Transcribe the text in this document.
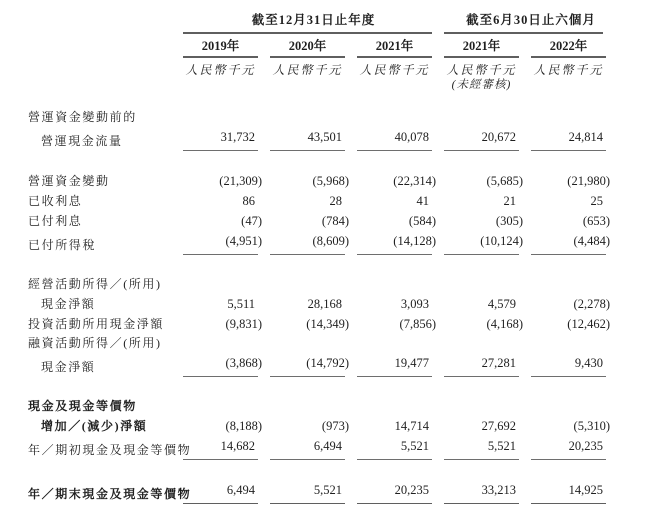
截至12月31日止年度	截至6月30日止六個月
2019年	2020年	2021年	2021年	2022年
人民幣千元 人民幣千元 人民幣千元 人民幣千元 人民幣千元
(未經審核)
營運資金變動前的
營運現金流量	31,732	43,501	40,078	20,672	24,814
營運資金變動	(21,309)	(5,968)	(22,314)	(5,685)	(21,980)
已收利息	86	28	41	21	25
已付利息	(47)	(784)	(584)	(305)	(653)
已付所得稅	(4,951)	(8,609)	(14,128)	(10,124)	(4,484)
經營活動所得／(所用)
現金淨額	5,511	28,168	3,093	4,579	(2,278)
投資活動所用現金淨額	(9,831)	(14,349)	(7,856)	(4,168)	(12,462)
融資活動所得／(所用)
現金淨額	(3,868)	(14,792)	19,477	27,281	9,430
現金及現金等價物
增加／(減少)淨額	(8,188)	(973)	14,714	27,692	(5,310)
年／期初現金及現金等價物	14,682	6,494	5,521	5,521	20,235
年／期末現金及現金等價物	6,494	5,521	20,235	33,213	14,925
